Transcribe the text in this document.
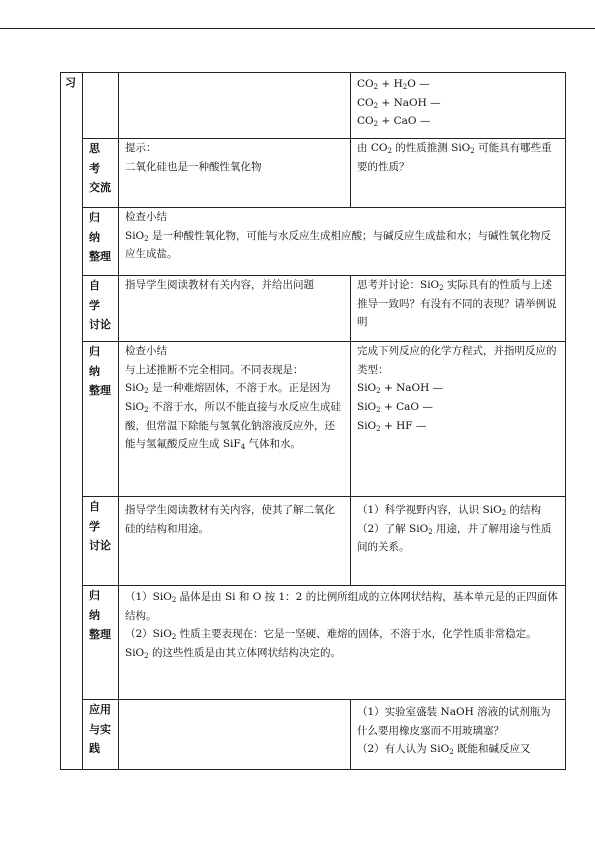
习			$CO_2 + H_2O$ —
$CO_2$ + NaOH —
$CO_2$ + CaO —

	思
考
交流	提示：
二氧化硅也是一种酸性氧化物	由 $CO_2$ 的性质推测 SiO$_2$ 可能具有哪些重要的性质？

	归
纳
整理	检查小结
SiO$_2$ 是一种酸性氧化物，可能与水反应生成相应酸；与碱反应生成盐和水；与碱性氧化物反应生成盐。	

	自
学
讨论	指导学生阅读教材有关内容，并给出问题	思考并讨论：SiO$_2$ 实际具有的性质与上述推导一致吗？有没有不同的表现？请举例说明

	归
纳
整理	检查小结
与上述推断不完全相同。不同表现是：
SiO$_2$ 是一种难熔固体，不溶于水。正是因为 SiO$_2$ 不溶于水，所以不能直接与水反应生成硅酸，但常温下除能与氢氧化钠溶液反应外，还能与氢氟酸反应生成 SiF$_4$ 气体和水。	完成下列反应的化学方程式，并指明反应的类型：
SiO$_2$ + NaOH —
SiO$_2$ + CaO —
SiO$_2$ + HF —

	自
学
讨论	指导学生阅读教材有关内容，使其了解二氧化硅的结构和用途。	（1）科学视野内容，认识 SiO$_2$ 的结构
（2）了解 SiO$_2$ 用途，并了解用途与性质间的关系。

	归
纳
整理	（1）SiO$_2$ 晶体是由 Si 和 O 按 1：2 的比例所组成的立体网状结构，基本单元是的正四面体结构。
（2）SiO$_2$ 性质主要表现在：它是一坚硬、难熔的固体，不溶于水，化学性质非常稳定。
SiO$_2$ 的这些性质是由其立体网状结构决定的。	

	应用
与实
践		（1）实验室盛装 NaOH 溶液的试剂瓶为什么要用橡皮塞而不用玻璃塞？
（2）有人认为 SiO$_2$ 既能和碱反应又
